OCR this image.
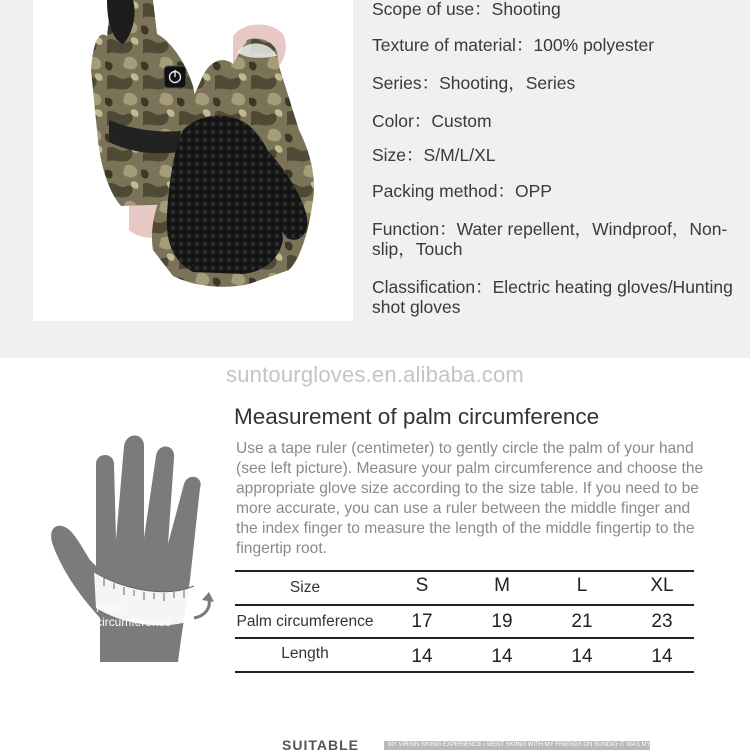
Scope of use：Shooting
Texture of material：100% polyester
Series：Shooting，Series
Color：Custom
Size：S/M/L/XL
Packing method：OPP
Function：Water repellent，Windproof，Non-slip，Touch
Classification：Electric heating gloves/Hunting shot gloves
suntourgloves.en.alibaba.com
Palm
circumference
Measurement of palm circumference
Use a tape ruler (centimeter) to gently circle the palm of your hand (see left picture). Measure your palm circumference and choose the appropriate glove size according to the size table. If you need to be more accurate, you can use a ruler between the middle finger and the index finger to measure the length of the middle fingertip to the fingertip root.
Size	S	M	L	XL
Palm circumference	17	19	21	23
Length	14	14	14	14
SUITABLE	MY VIRGIN SKIING EXPERIENCE I WENT SKIING WITH MY FRIENDS ON SUNDAY.IT WAS MY VERY FIRST TIME
